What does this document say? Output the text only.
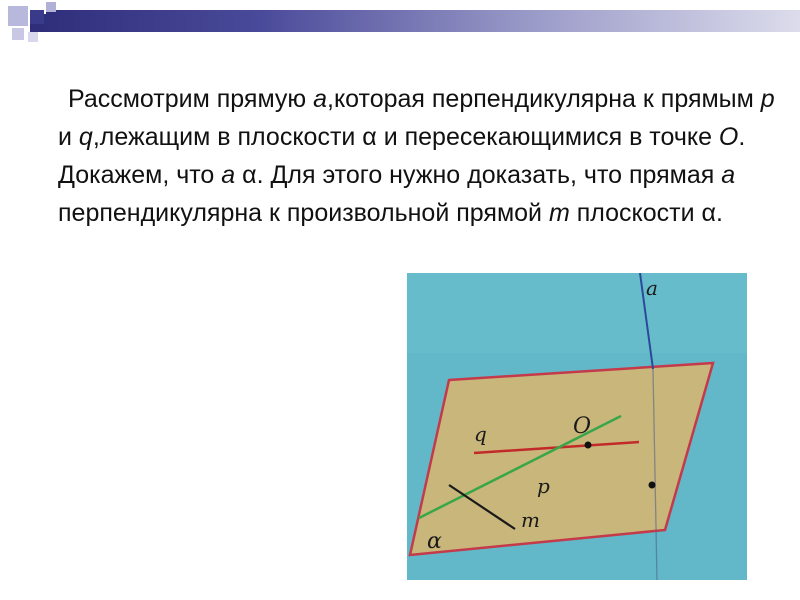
Рассмотрим прямую а,которая перпендикулярна к прямым p и q,лежащим в плоскости α и пересекающимися в точке О. Докажем, что а α. Для этого нужно доказать, что прямая а перпендикулярна к произвольной прямой m плоскости α.

a
q	O
p
m
α
